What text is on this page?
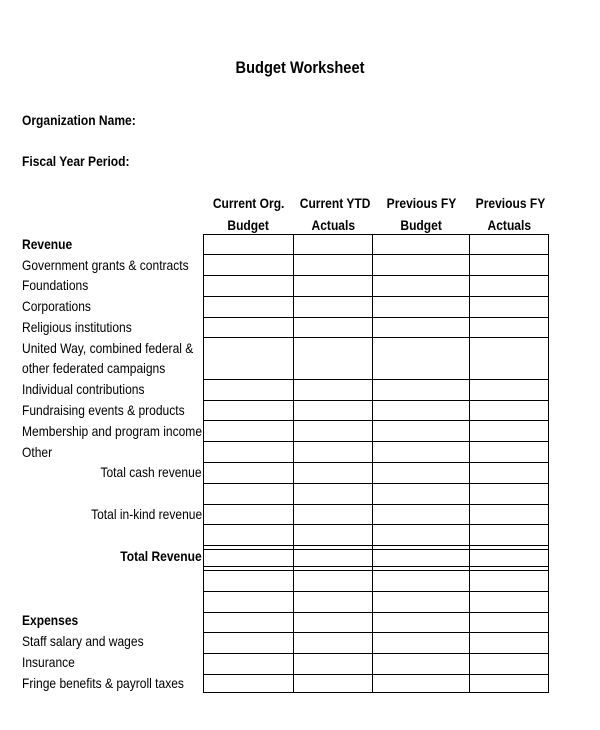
Budget Worksheet
Organization Name:
Fiscal Year Period:
Current Org.
Budget
Current YTD
Actuals
Previous FY
Budget
Previous FY
Actuals
Revenue
Government grants & contracts
Foundations
Corporations
Religious institutions
United Way, combined federal &
other federated campaigns
Individual contributions
Fundraising events & products
Membership and program income
Other
Total cash revenue
Total in-kind revenue
Total Revenue
Expenses
Staff salary and wages
Insurance
Fringe benefits & payroll taxes
